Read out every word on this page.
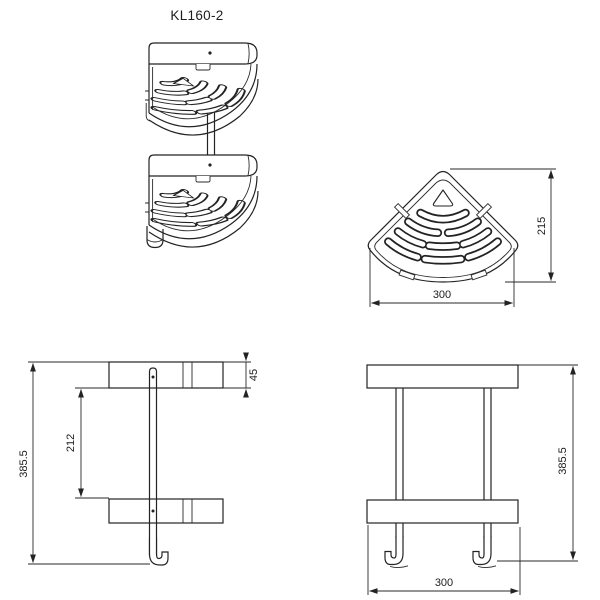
KL160-2
215
300
385.5
212
45
385.5
300
